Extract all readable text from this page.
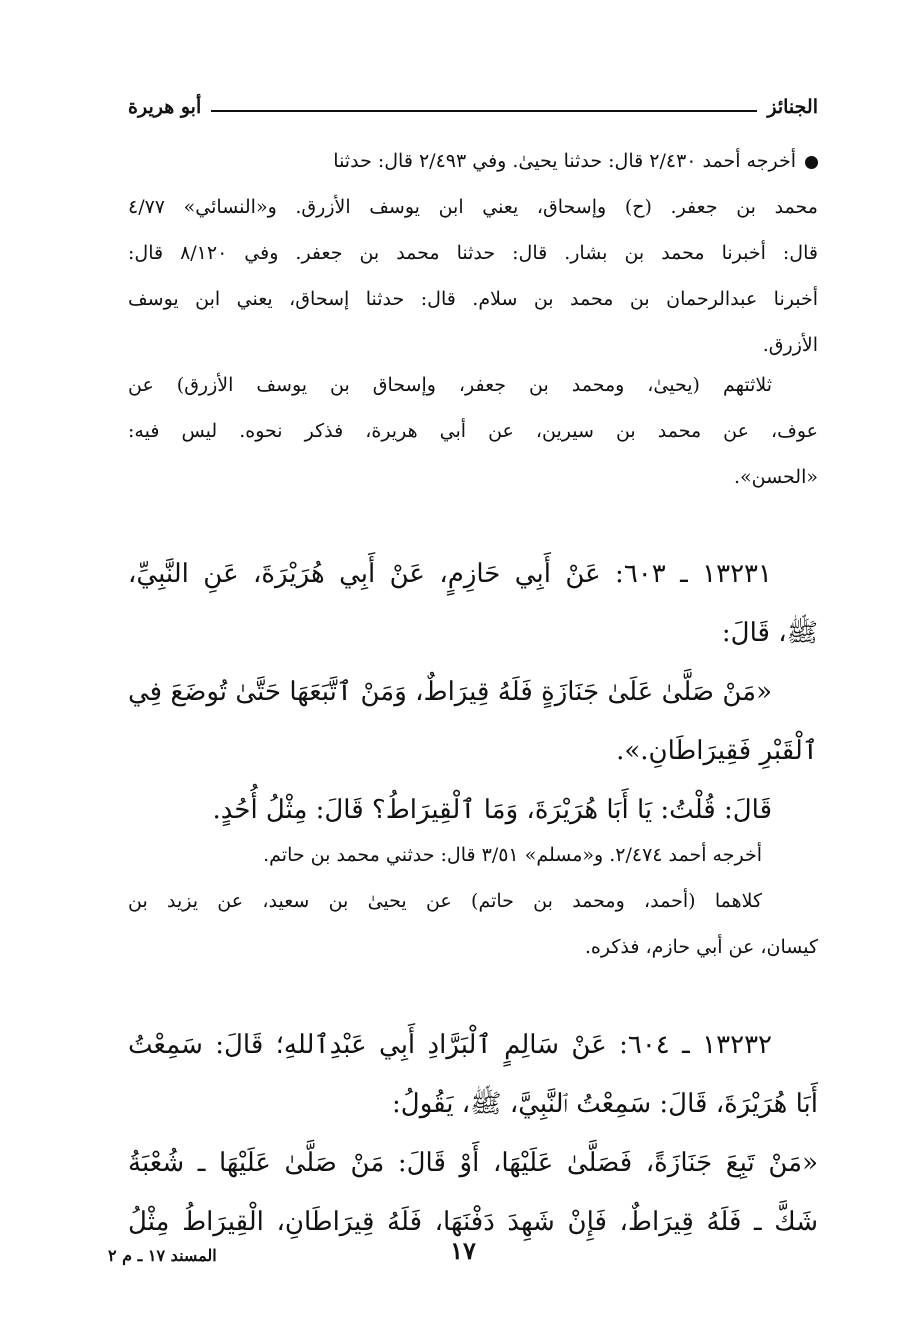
الجنائز
أبو هريرة
أخرجه أحمد ٢/٤٣٠ قال: حدثنا يحيىٰ. وفي ٢/٤٩٣ قال: حدثنا
محمد بن جعفر. (ح) وإسحاق، يعني ابن يوسف الأزرق. و«النسائي» ٤/٧٧
قال: أخبرنا محمد بن بشار. قال: حدثنا محمد بن جعفر. وفي ٨/١٢٠ قال:
أخبرنا عبدالرحمان بن محمد بن سلام. قال: حدثنا إسحاق، يعني ابن يوسف
الأزرق.
ثلاثتهم (يحيىٰ، ومحمد بن جعفر، وإسحاق بن يوسف الأزرق) عن
عوف، عن محمد بن سيرين، عن أبي هريرة، فذكر نحوه. ليس فيه:
«الحسن».
١٣٢٣١ ـ ٦٠٣: عَنْ أَبِي حَازِمٍ، عَنْ أَبِي هُرَيْرَةَ، عَنِ النَّبِيِّ،
ﷺ، قَالَ:
«مَنْ صَلَّىٰ عَلَىٰ جَنَازَةٍ فَلَهُ قِيرَاطٌ، وَمَنْ ٱتَّبَعَهَا حَتَّىٰ تُوضَعَ فِي
ٱلْقَبْرِ فَقِيرَاطَانِ.».
قَالَ: قُلْتُ: يَا أَبَا هُرَيْرَةَ، وَمَا ٱلْقِيرَاطُ؟ قَالَ: مِثْلُ أُحُدٍ.
أخرجه أحمد ٢/٤٧٤. و«مسلم» ٣/٥١ قال: حدثني محمد بن حاتم.
كلاهما (أحمد، ومحمد بن حاتم) عن يحيىٰ بن سعيد، عن يزيد بن
كيسان، عن أبي حازم، فذكره.
١٣٢٣٢ ـ ٦٠٤: عَنْ سَالِمٍ ٱلْبَرَّادِ أَبِي عَبْدِٱللهِ؛ قَالَ: سَمِعْتُ
أَبَا هُرَيْرَةَ، قَالَ: سَمِعْتُ ٱلنَّبِيَّ، ﷺ، يَقُولُ:
«مَنْ تَبِعَ جَنَازَةً، فَصَلَّىٰ عَلَيْهَا، أَوْ قَالَ: مَنْ صَلَّىٰ عَلَيْهَا ـ شُعْبَةُ
شَكَّ ـ فَلَهُ قِيرَاطٌ، فَإِنْ شَهِدَ دَفْنَهَا، فَلَهُ قِيرَاطَانِ، الْقِيرَاطُ مِثْلُ
١٧
المسند ١٧ ـ م ٢
